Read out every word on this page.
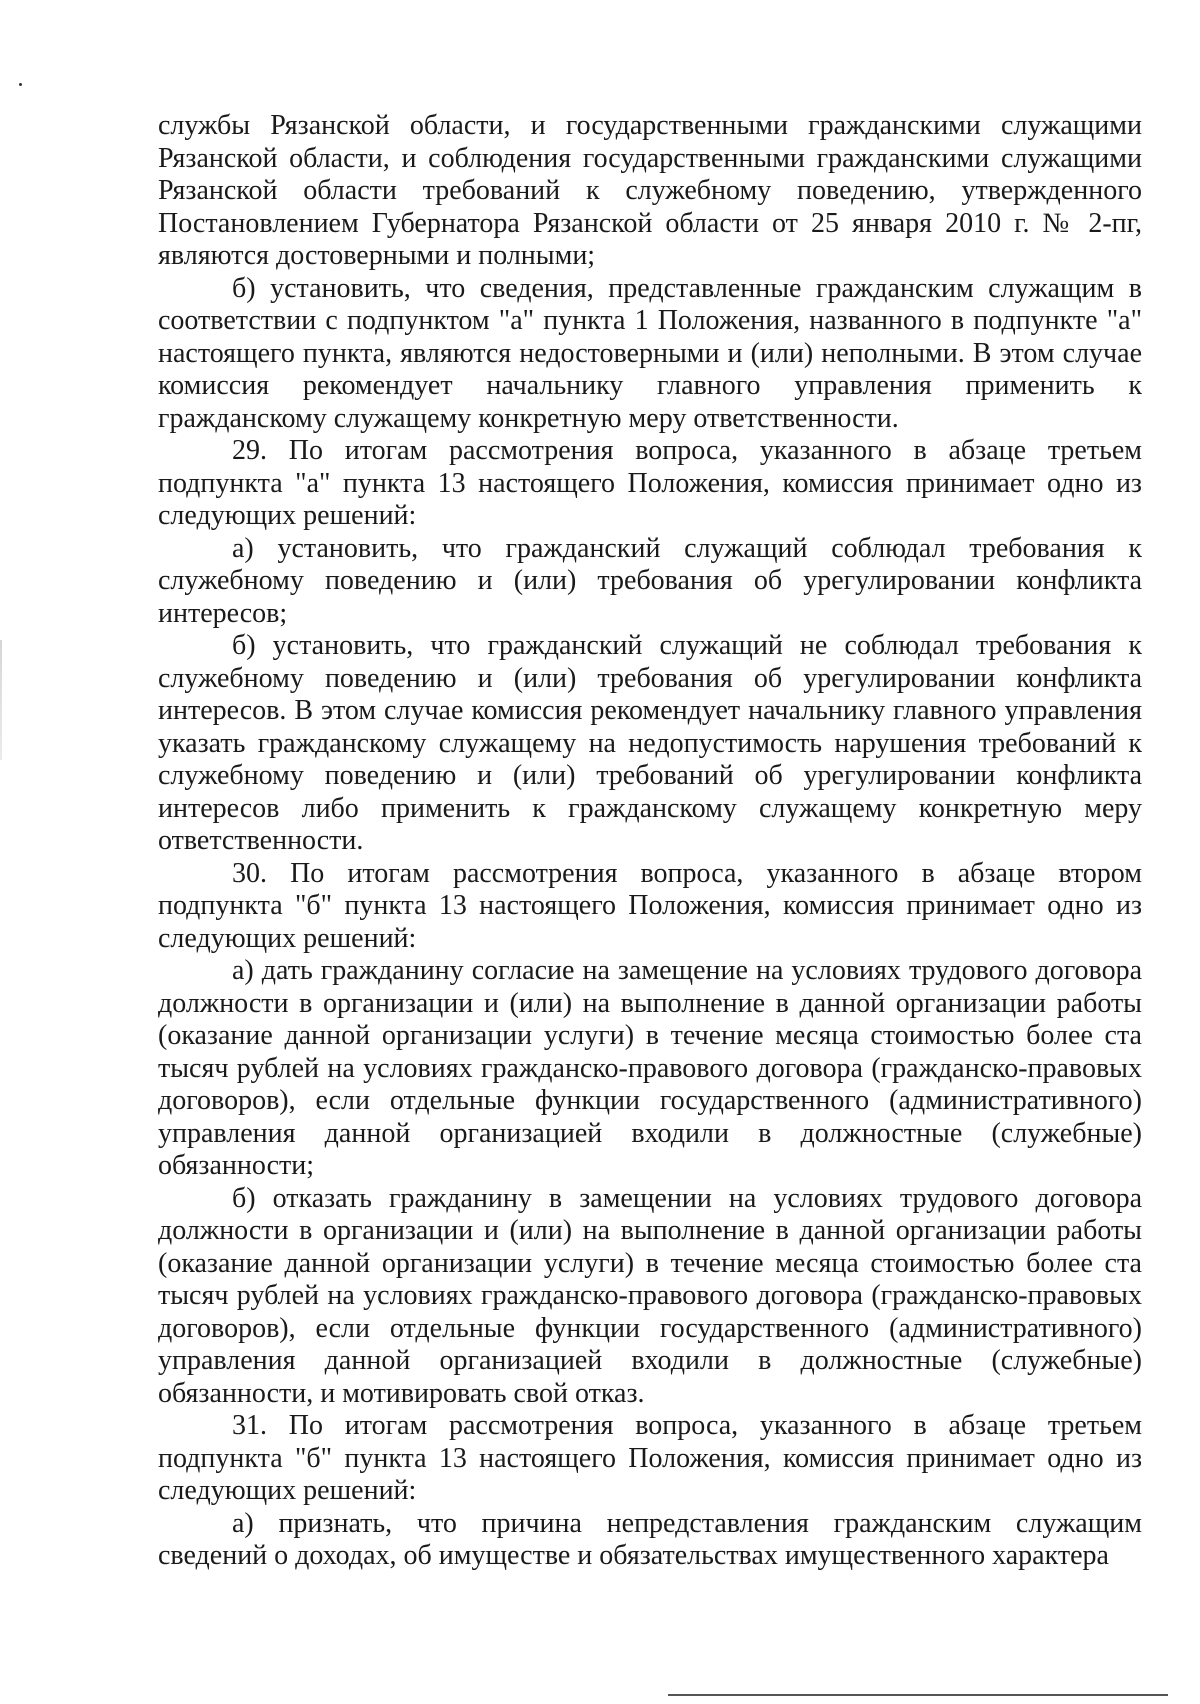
службы Рязанской области, и государственными гражданскими служащими Рязанской области, и соблюдения государственными гражданскими служащими Рязанской области требований к служебному поведению, утвержденного Постановлением Губернатора Рязанской области от 25 января 2010 г. № 2-пг, являются достоверными и полными;

б) установить, что сведения, представленные гражданским служащим в соответствии с подпунктом "а" пункта 1 Положения, названного в подпункте "а" настоящего пункта, являются недостоверными и (или) неполными. В этом случае комиссия рекомендует начальнику главного управления применить к гражданскому служащему конкретную меру ответственности.

29. По итогам рассмотрения вопроса, указанного в абзаце третьем подпункта "а" пункта 13 настоящего Положения, комиссия принимает одно из следующих решений:

а) установить, что гражданский служащий соблюдал требования к служебному поведению и (или) требования об урегулировании конфликта интересов;

б) установить, что гражданский служащий не соблюдал требования к служебному поведению и (или) требования об урегулировании конфликта интересов. В этом случае комиссия рекомендует начальнику главного управления указать гражданскому служащему на недопустимость нарушения требований к служебному поведению и (или) требований об урегулировании конфликта интересов либо применить к гражданскому служащему конкретную меру ответственности.

30. По итогам рассмотрения вопроса, указанного в абзаце втором подпункта "б" пункта 13 настоящего Положения, комиссия принимает одно из следующих решений:

а) дать гражданину согласие на замещение на условиях трудового договора должности в организации и (или) на выполнение в данной организации работы (оказание данной организации услуги) в течение месяца стоимостью более ста тысяч рублей на условиях гражданско-правового договора (гражданско-правовых договоров), если отдельные функции государственного (административного) управления данной организацией входили в должностные (служебные) обязанности;

б) отказать гражданину в замещении на условиях трудового договора должности в организации и (или) на выполнение в данной организации работы (оказание данной организации услуги) в течение месяца стоимостью более ста тысяч рублей на условиях гражданско-правового договора (гражданско-правовых договоров), если отдельные функции государственного (административного) управления данной организацией входили в должностные (служебные) обязанности, и мотивировать свой отказ.

31. По итогам рассмотрения вопроса, указанного в абзаце третьем подпункта "б" пункта 13 настоящего Положения, комиссия принимает одно из следующих решений:

а) признать, что причина непредставления гражданским служащим сведений о доходах, об имуществе и обязательствах имущественного характера
